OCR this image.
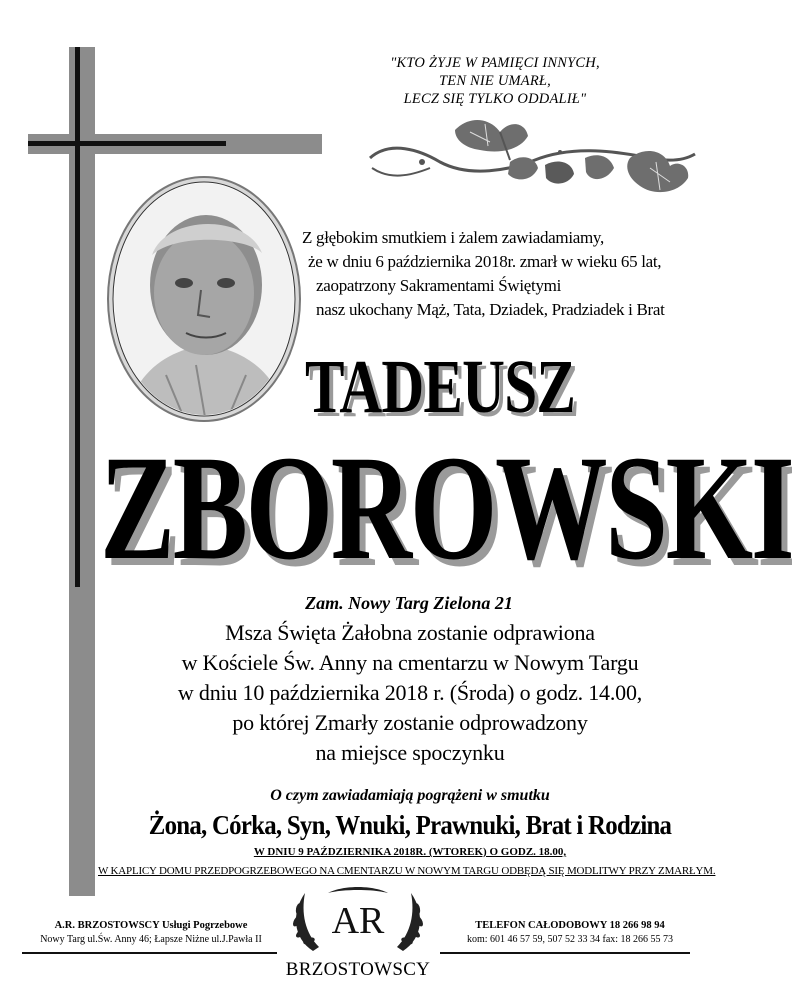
"KTO ŻYJE W PAMIĘCI INNYCH,
TEN NIE UMARŁ,
LECZ SIĘ TYLKO ODDALIŁ"
Z głębokim smutkiem i żalem zawiadamiamy,
że w dniu 6 października 2018r. zmarł w wieku 65 lat,
zaopatrzony Sakramentami Świętymi
nasz ukochany Mąż, Tata, Dziadek, Pradziadek i Brat
TADEUSZ
ZBOROWSKI
Zam. Nowy Targ Zielona 21
Msza Święta Żałobna zostanie odprawiona
w Kościele Św. Anny na cmentarzu w Nowym Targu
w dniu 10 października 2018 r. (Środa) o godz. 14.00,
po której Zmarły zostanie odprowadzony
na miejsce spoczynku
O czym zawiadamiają pogrążeni w smutku
Żona, Córka, Syn, Wnuki, Prawnuki, Brat i Rodzina
W DNIU 9 PAŹDZIERNIKA 2018R. (WTOREK) O GODZ. 18.00,
W KAPLICY DOMU PRZEDPOGRZEBOWEGO NA CMENTARZU W NOWYM TARGU ODBĘDĄ SIĘ MODLITWY PRZY ZMARŁYM.
A.R. BRZOSTOWSCY Usługi Pogrzebowe
Nowy Targ ul.Św. Anny 46; Łapsze Niżne ul.J.Pawła II	AR
BRZOSTOWSCY
TELEFON CAŁODOBOWY 18 266 98 94
kom: 601 46 57 59, 507 52 33 34 fax: 18 266 55 73
